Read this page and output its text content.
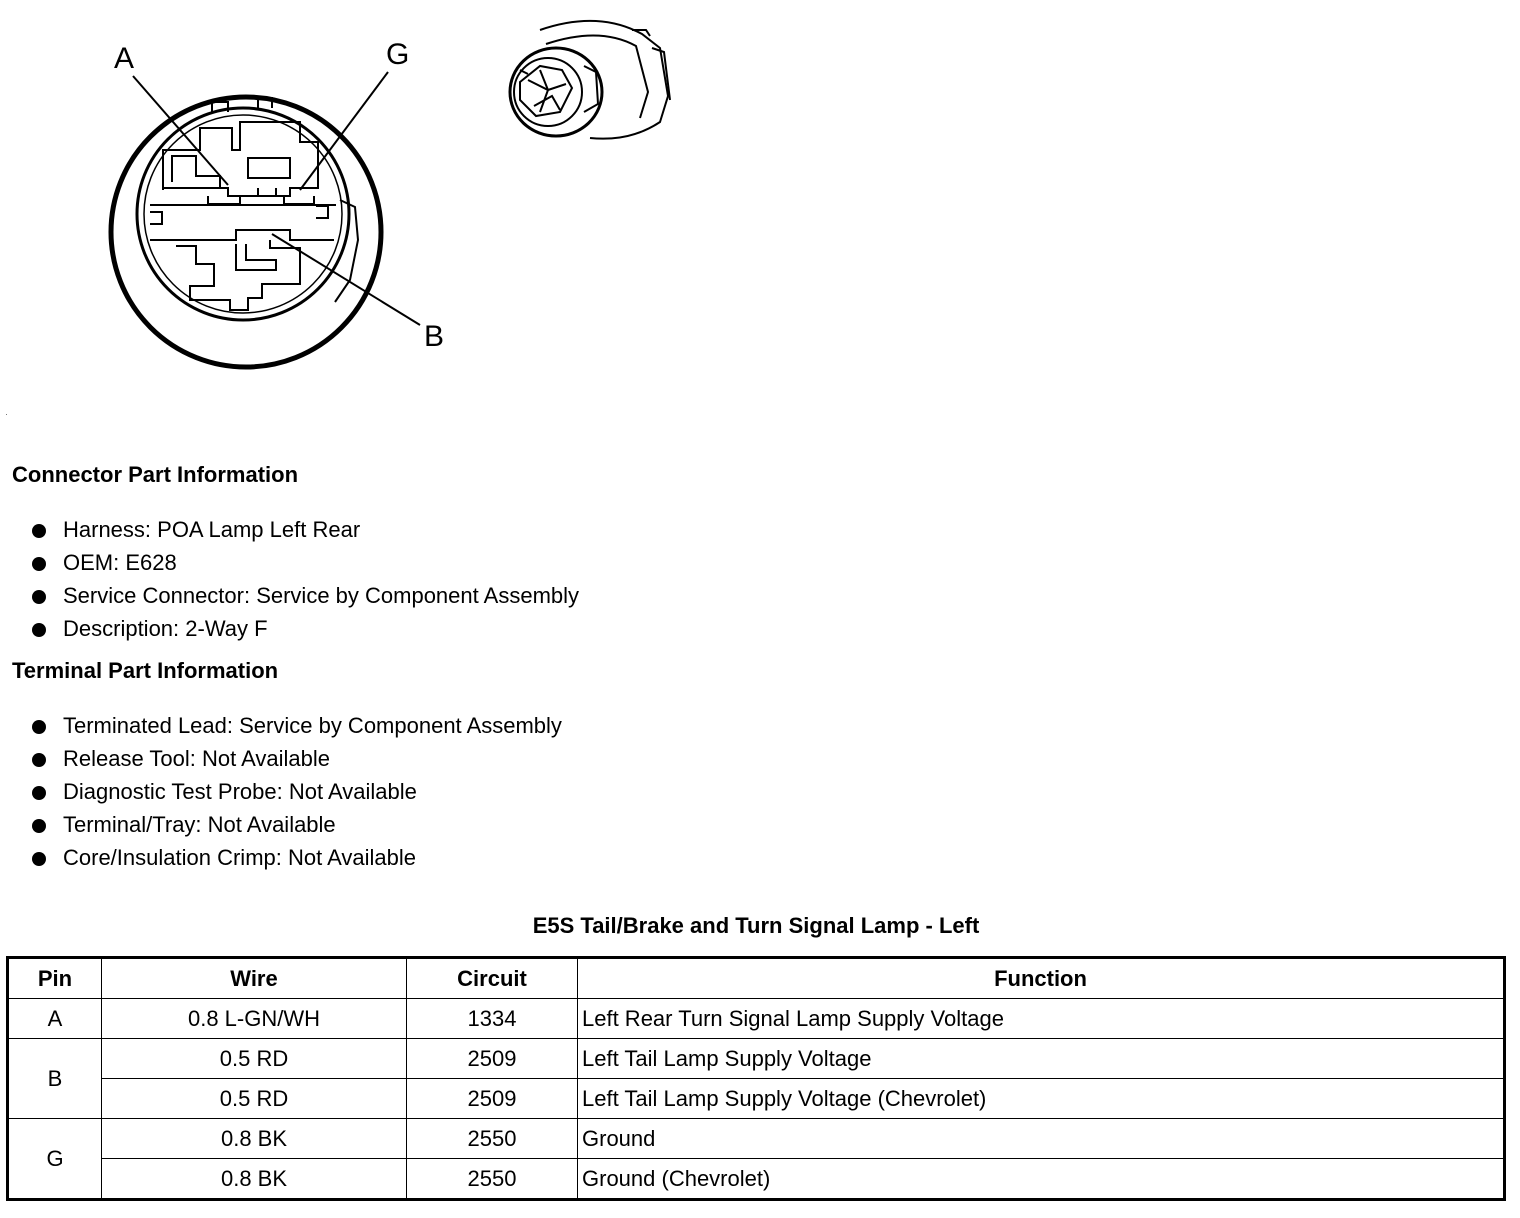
A	G
B
Connector Part Information
Harness: POA Lamp Left Rear
OEM: E628
Service Connector: Service by Component Assembly
Description: 2-Way F
Terminal Part Information
Terminated Lead: Service by Component Assembly
Release Tool: Not Available
Diagnostic Test Probe: Not Available
Terminal/Tray: Not Available
Core/Insulation Crimp: Not Available
E5S Tail/Brake and Turn Signal Lamp - Left
Pin	Wire	Circuit	Function
A	0.8 L-GN/WH	1334	Left Rear Turn Signal Lamp Supply Voltage
B	0.5 RD	2509	Left Tail Lamp Supply Voltage
	0.5 RD	2509	Left Tail Lamp Supply Voltage (Chevrolet)
G	0.8 BK	2550	Ground
	0.8 BK	2550	Ground (Chevrolet)
